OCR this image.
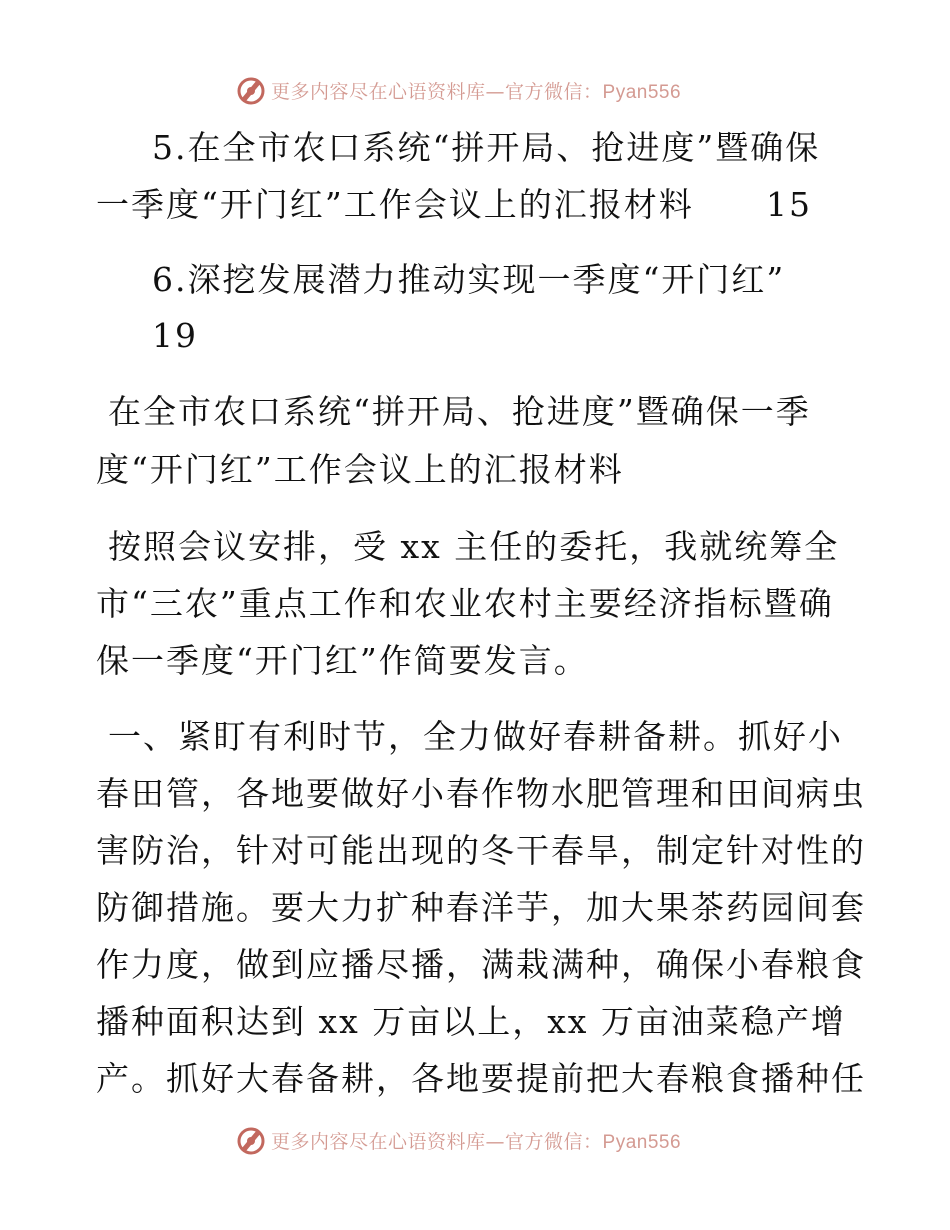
更多内容尽在心语资料库—官方微信：Pyan556
5.在全市农口系统“拼开局、抢进度”暨确保
一季度“开门红”工作会议上的汇报材料 15
6.深挖发展潜力推动实现一季度“开门红”
19
在全市农口系统“拼开局、抢进度”暨确保一季
度“开门红”工作会议上的汇报材料
按照会议安排，受 xx 主任的委托，我就统筹全
市“三农”重点工作和农业农村主要经济指标暨确
保一季度“开门红”作简要发言。
一、紧盯有利时节，全力做好春耕备耕。抓好小
春田管，各地要做好小春作物水肥管理和田间病虫
害防治，针对可能出现的冬干春旱，制定针对性的
防御措施。要大力扩种春洋芋，加大果茶药园间套
作力度，做到应播尽播，满栽满种，确保小春粮食
播种面积达到 xx 万亩以上，xx 万亩油菜稳产增
产。抓好大春备耕，各地要提前把大春粮食播种任
更多内容尽在心语资料库—官方微信：Pyan556
